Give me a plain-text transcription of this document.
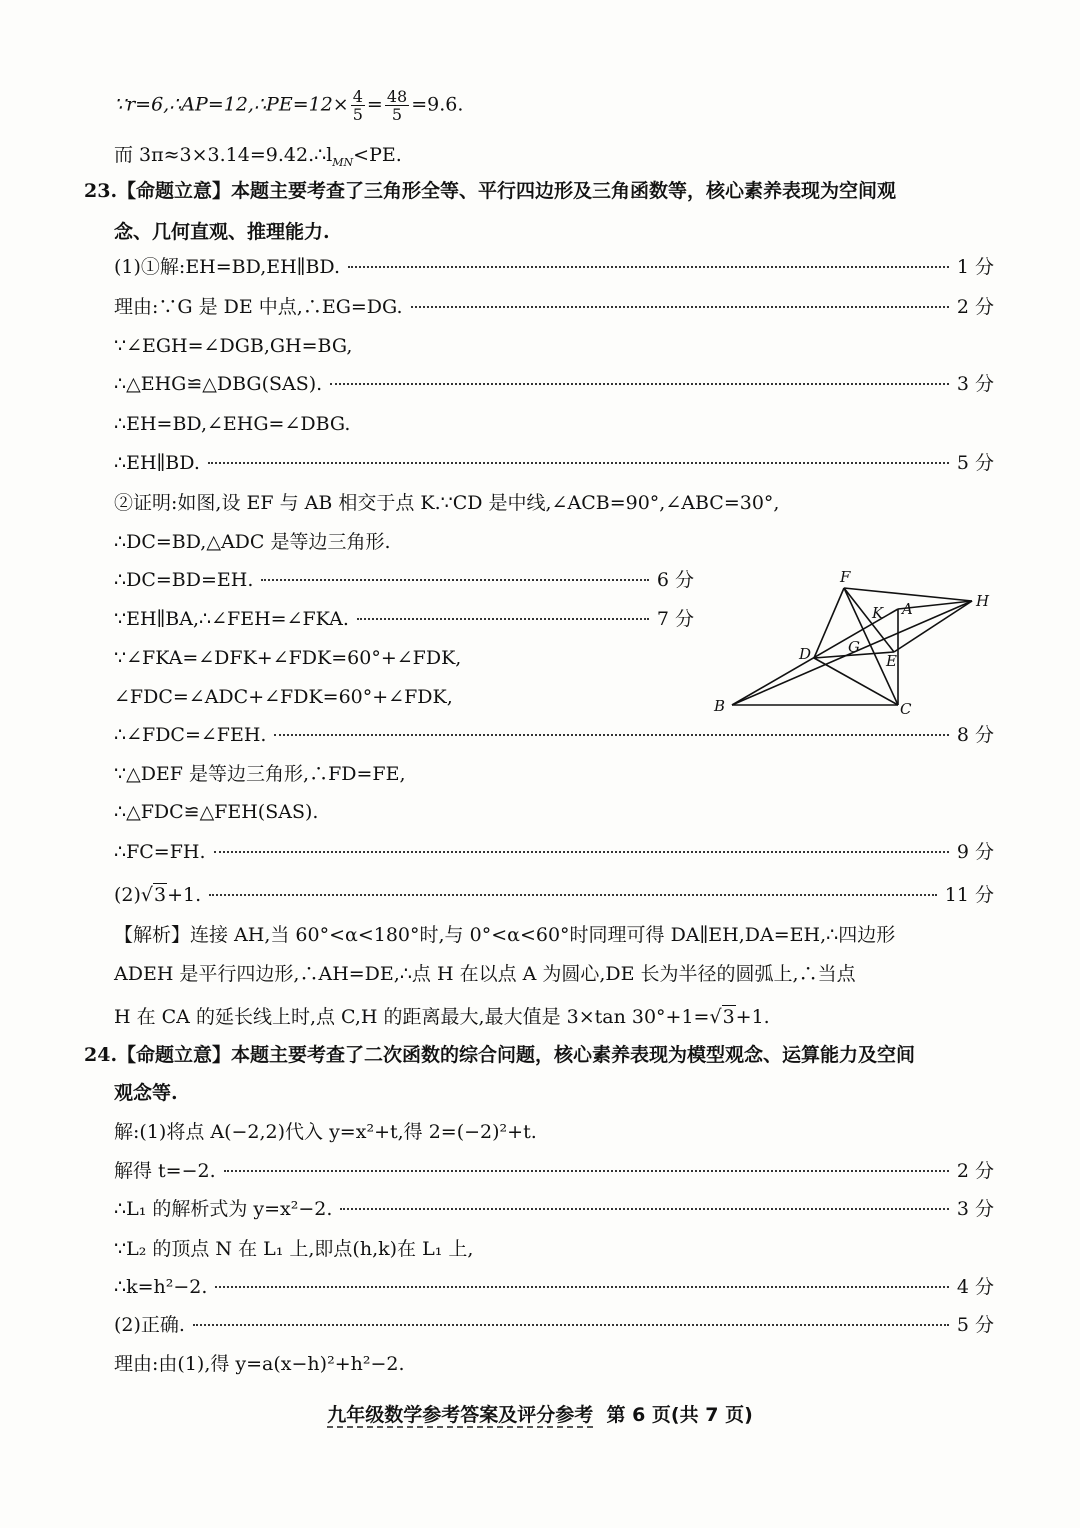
∵r=6,∴AP=12,∴PE=12× $\frac{4}{5} = \frac{48}{5} =9.6$.
而 $3\pi\approx 3\times 3.14=9.42.\therefore l_{MN}<PE$.
23.【命题立意】本题主要考查了三角形全等、平行四边形及三角函数等，核心素养表现为空间观
念、几何直观、推理能力.
(1)①解:EH=BD,EH∥BD.	1 分
理由:∵G 是 DE 中点,∴EG=DG.	2 分
∵∠EGH=∠DGB,GH=BG,
∴△EHG≌△DBG(SAS).	3 分
∴EH=BD,∠EHG=∠DBG.
∴EH∥BD.	5 分
②证明:如图,设 EF 与 AB 相交于点 K.∵CD 是中线,∠ACB=90°,∠ABC=30°,
∴DC=BD,△ADC 是等边三角形.
∴DC=BD=EH.	6 分
∵EH∥BA,∴∠FEH=∠FKA.	7 分
∵∠FKA=∠DFK+∠FDK=60°+∠FDK,
∠FDC=∠ADC+∠FDK=60°+∠FDK,
∴∠FDC=∠FEH.	8 分
∵△DEF 是等边三角形,∴FD=FE,
∴△FDC≌△FEH(SAS).
∴FC=FH.	9 分
(2)√3+1.	11 分
【解析】连接 AH,当 60°<α<180°时,与 0°<α<60°时同理可得 DA∥EH,DA=EH,∴四边形
ADEH 是平行四边形,∴AH=DE,∴点 H 在以点 A 为圆心,DE 长为半径的圆弧上,∴当点
H 在 CA 的延长线上时,点 C,H 的距离最大,最大值是 3×tan 30°+1=√3+1.
24.【命题立意】本题主要考查了二次函数的综合问题，核心素养表现为模型观念、运算能力及空间
观念等.
解:(1)将点 A(−2,2)代入 y=x²+t,得 2=(−2)²+t.
解得 t=−2.	2 分
∴L₁ 的解析式为 y=x²−2.	3 分
∵L₂ 的顶点 N 在 L₁ 上,即点(h,k)在 L₁ 上,
∴k=h²−2.	4 分
(2)正确.	5 分
理由:由(1),得 y=a(x−h)²+h²−2.
F
H
K A
D G
E
B	C
九年级数学参考答案及评分参考 第 6 页(共 7 页)
